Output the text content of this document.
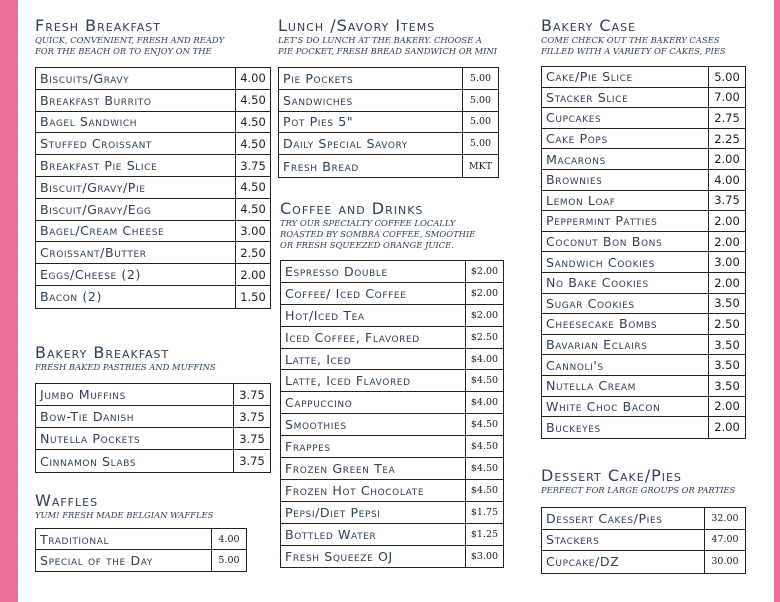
Fresh Breakfast

QUICK, CONVENIENT, FRESH AND READY
FOR THE BEACH OR TO ENJOY ON THE

Biscuits/Gravy	4.00
Breakfast Burrito	4.50
Bagel Sandwich	4.50
Stuffed Croissant	4.50
Breakfast Pie Slice	3.75
Biscuit/Gravy/Pie	4.50
Biscuit/Gravy/Egg	4.50
Bagel/Cream Cheese	3.00
Croissant/Butter	2.50
Eggs/Cheese (2)	2.00
Bacon (2)	1.50
Bakery Breakfast

FRESH BAKED PASTRIES AND MUFFINS

Jumbo Muffins	3.75
Bow-Tie Danish	3.75
Nutella Pockets	3.75
Cinnamon Slabs	3.75
Waffles

YUM! FRESH MADE BELGIAN WAFFLES

Traditional	4.00
Special of the Day	5.00
Lunch /Savory Items

LET'S DO LUNCH AT THE BAKERY. CHOOSE A
PIE POCKET, FRESH BREAD SANDWICH OR MINI

Pie Pockets	5.00
Sandwiches	5.00
Pot Pies 5"	5.00
Daily Special Savory	5.00
Fresh Bread	MKT
Coffee and Drinks

TRY OUR SPECIALTY COFFEE LOCALLY
ROASTED BY SOMBRA COFFEE, SMOOTHIE
OR FRESH SQUEEZED ORANGE JUICE.

Espresso Double	$2.00
Coffee/ Iced Coffee	$2.00
Hot/Iced Tea	$2.00
Iced Coffee, Flavored	$2.50
Latte, Iced	$4.00
Latte, Iced Flavored	$4.50
Cappuccino	$4.00
Smoothies	$4.50
Frappes	$4.50
Frozen Green Tea	$4.50
Frozen Hot Chocolate	$4.50
Pepsi/Diet Pepsi	$1.75
Bottled Water	$1.25
Fresh Squeeze OJ	$3.00
Bakery Case

COME CHECK OUT THE BAKERY CASES
FILLED WITH A VARIETY OF CAKES, PIES

Cake/Pie Slice	5.00
Stacker Slice	7.00
Cupcakes	2.75
Cake Pops	2.25
Macarons	2.00
Brownies	4.00
Lemon Loaf	3.75
Peppermint Patties	2.00
Coconut Bon Bons	2.00
Sandwich Cookies	3.00
No Bake Cookies	2.00
Sugar Cookies	3.50
Cheesecake Bombs	2.50
Bavarian Eclairs	3.50
Cannoli's	3.50
Nutella Cream	3.50
White Choc Bacon	2.00
Buckeyes	2.00
Dessert Cake/Pies

PERFECT FOR LARGE GROUPS OR PARTIES

Dessert Cakes/Pies	32.00
Stackers	47.00
Cupcake/DZ	30.00
